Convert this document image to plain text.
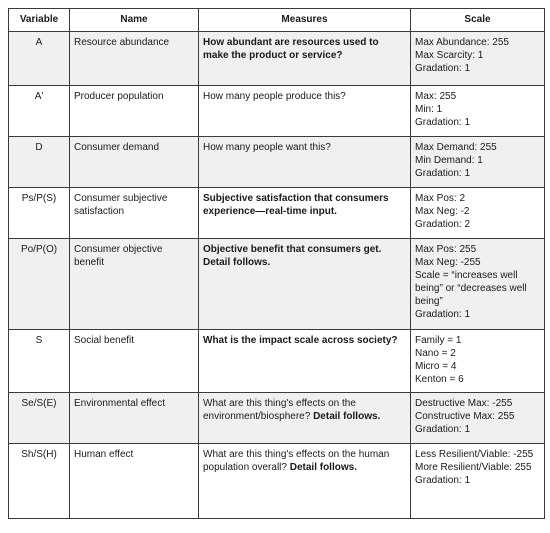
Variable	Name	Measures	Scale
A	Resource abundance	How abundant are resources used to make the product or service?	Max Abundance: 255
Max Scarcity: 1
Gradation: 1

A'	Producer population	How many people produce this?	Max: 255
Min: 1
Gradation: 1

D	Consumer demand	How many people want this?	Max Demand: 255
Min Demand: 1
Gradation: 1

Ps/P(S)	Consumer subjective satisfaction	Subjective satisfaction that consumers experience—real-time input.	Max Pos: 2
Max Neg: -2
Gradation: 2

Po/P(O)	Consumer objective benefit	Objective benefit that consumers get. Detail follows.	Max Pos: 255
Max Neg: -255
Scale = “increases well being” or “decreases well being”
Gradation: 1

S	Social benefit	What is the impact scale across society?	Family = 1
Nano = 2
Micro = 4
Kenton = 6

Se/S(E)	Environmental effect	What are this thing's effects on the environment/biosphere? Detail follows.	Destructive Max: -255
Constructive Max: 255
Gradation: 1

Sh/S(H)	Human effect	What are this thing's effects on the human population overall? Detail follows.	Less Resilient/Viable: -255
More Resilient/Viable: 255
Gradation: 1
